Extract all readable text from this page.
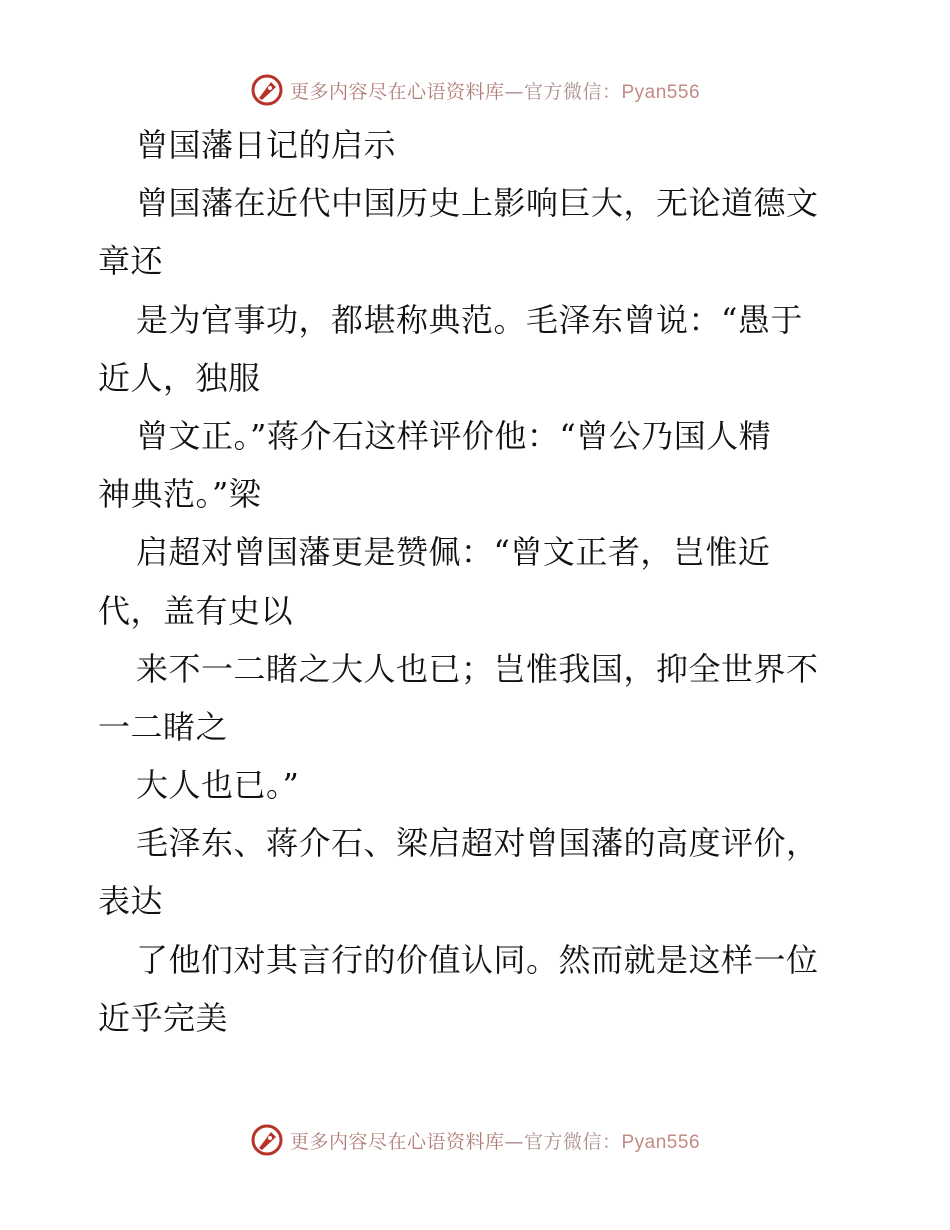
更多内容尽在心语资料库—官方微信：Pyan556
曾国藩日记的启示
曾国藩在近代中国历史上影响巨大，无论道德文
章还
是为官事功，都堪称典范。毛泽东曾说：“愚于
近人，独服
曾文正。”蒋介石这样评价他：“曾公乃国人精
神典范。”梁
启超对曾国藩更是赞佩：“曾文正者，岂惟近
代，盖有史以
来不一二睹之大人也已；岂惟我国，抑全世界不
一二睹之
大人也已。”
毛泽东、蒋介石、梁启超对曾国藩的高度评价，
表达
了他们对其言行的价值认同。然而就是这样一位
近乎完美
更多内容尽在心语资料库—官方微信：Pyan556
